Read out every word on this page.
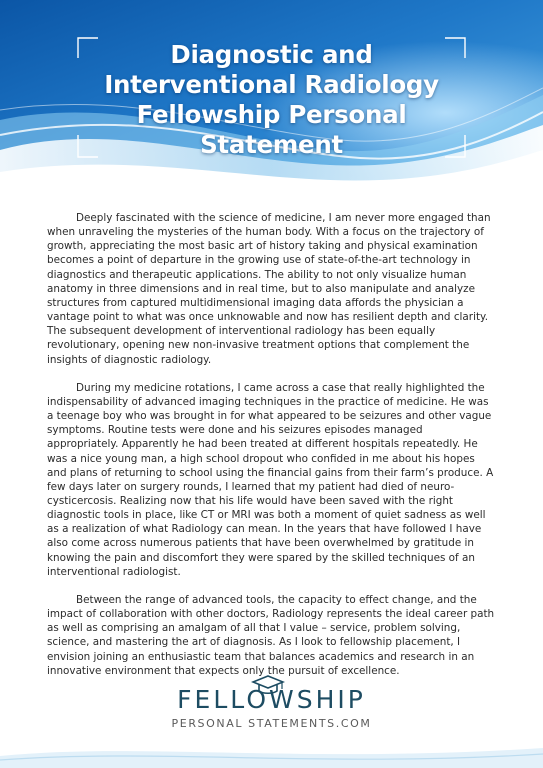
Diagnostic and
Interventional Radiology
Fellowship Personal
Statement

Deeply fascinated with the science of medicine, I am never more engaged than when unraveling the mysteries of the human body. With a focus on the trajectory of growth, appreciating the most basic art of history taking and physical examination becomes a point of departure in the growing use of state-of-the-art technology in diagnostics and therapeutic applications. The ability to not only visualize human anatomy in three dimensions and in real time, but to also manipulate and analyze structures from captured multidimensional imaging data affords the physician a vantage point to what was once unknowable and now has resilient depth and clarity. The subsequent development of interventional radiology has been equally revolutionary, opening new non-invasive treatment options that complement the insights of diagnostic radiology.

During my medicine rotations, I came across a case that really highlighted the indispensability of advanced imaging techniques in the practice of medicine. He was a teenage boy who was brought in for what appeared to be seizures and other vague symptoms. Routine tests were done and his seizures episodes managed appropriately. Apparently he had been treated at different hospitals repeatedly. He was a nice young man, a high school dropout who confided in me about his hopes and plans of returning to school using the financial gains from their farm’s produce. A few days later on surgery rounds, I learned that my patient had died of neuro-cysticercosis. Realizing now that his life would have been saved with the right diagnostic tools in place, like CT or MRI was both a moment of quiet sadness as well as a realization of what Radiology can mean. In the years that have followed I have also come across numerous patients that have been overwhelmed by gratitude in knowing the pain and discomfort they were spared by the skilled techniques of an interventional radiologist.

Between the range of advanced tools, the capacity to effect change, and the impact of collaboration with other doctors, Radiology represents the ideal career path as well as comprising an amalgam of all that I value – service, problem solving, science, and mastering the art of diagnosis. As I look to fellowship placement, I envision joining an enthusiastic team that balances academics and research in an innovative environment that expects only the pursuit of excellence.

FELLOWSHIP
PERSONAL STATEMENTS.COM
